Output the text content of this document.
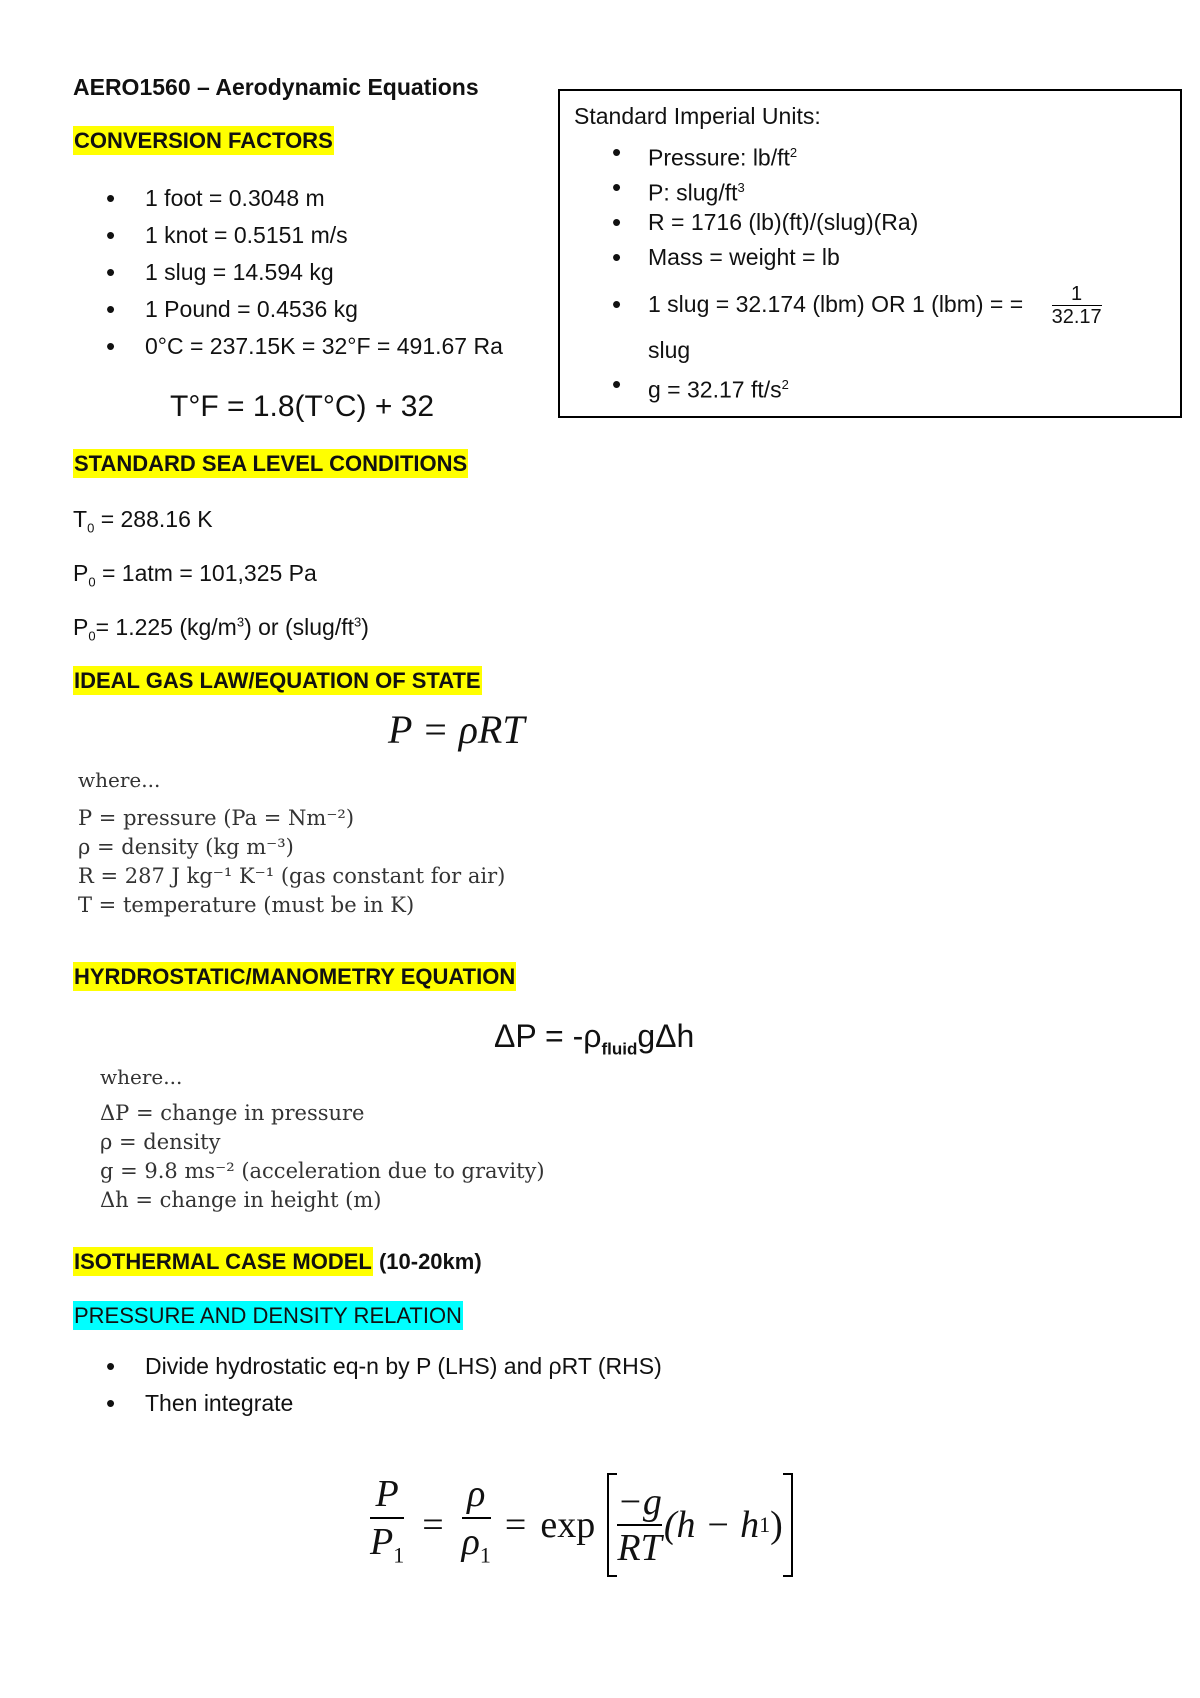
AERO1560 – Aerodynamic Equations
CONVERSION FACTORS
• 1 foot = 0.3048 m
• 1 knot = 0.5151 m/s
• 1 slug = 14.594 kg
• 1 Pound = 0.4536 kg
• 0°C = 237.15K = 32°F = 491.67 Ra
T°F = 1.8(T°C) + 32
Standard Imperial Units:
• Pressure: $lb/ft^2$
• P: slug/$ft^3$
• R = 1716 (lb)(ft)/(slug)(Ra)
• Mass = weight = lb
• 1 slug = 32.174 (lbm) OR 1 (lbm) = = $\frac{1}{32.17}$
slug
• g = 32.17 $ft/s^2$
STANDARD SEA LEVEL CONDITIONS
$T_0 = 288.16$ K
$P_0 = 1atm = 101,325$ Pa
$P_0= 1.225$ $(kg/m^3)$ or $(slug/ft^3)$
IDEAL GAS LAW/EQUATION OF STATE
P = ρRT
where...
P = pressure (Pa = Nm⁻²)
ρ = density (kg m⁻³)
R = 287 J kg⁻¹ K⁻¹ (gas constant for air)
T = temperature (must be in K)
HYRDROSTATIC/MANOMETRY EQUATION
$\Delta P = -\rho_{fluid}g\Delta h$
where...
ΔP = change in pressure
ρ = density
g = 9.8 ms⁻² (acceleration due to gravity)
Δh = change in height (m)
ISOTHERMAL CASE MODEL (10-20km)
PRESSURE AND DENSITY RELATION
• Divide hydrostatic eq-n by P (LHS) and ρRT (RHS)
• Then integrate
$\frac{P}{P_1} = \frac{\rho}{\rho_1} = \exp \frac{-g}{RT} (h - h$ 1 )
